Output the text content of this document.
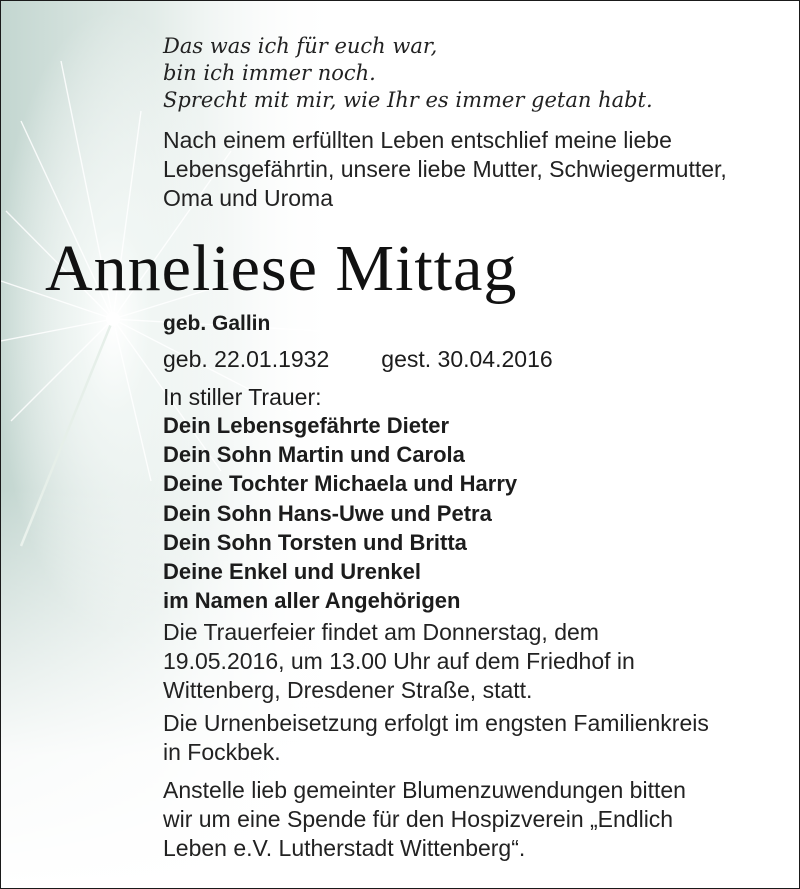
Das was ich für euch war,
bin ich immer noch.
Sprecht mit mir, wie Ihr es immer getan habt.

Nach einem erfüllten Leben entschlief meine liebe
Lebensgefährtin, unsere liebe Mutter, Schwiegermutter,
Oma und Uroma

Anneliese Mittag

geb. Gallin

geb. 22.01.1932 gest. 30.04.2016

In stiller Trauer:

Dein Lebensgefährte Dieter
Dein Sohn Martin und Carola
Deine Tochter Michaela und Harry
Dein Sohn Hans-Uwe und Petra
Dein Sohn Torsten und Britta
Deine Enkel und Urenkel
im Namen aller Angehörigen

Die Trauerfeier findet am Donnerstag, dem
19.05.2016, um 13.00 Uhr auf dem Friedhof in
Wittenberg, Dresdener Straße, statt.

Die Urnenbeisetzung erfolgt im engsten Familienkreis
in Fockbek.

Anstelle lieb gemeinter Blumenzuwendungen bitten
wir um eine Spende für den Hospizverein „Endlich
Leben e.V. Lutherstadt Wittenberg“.
